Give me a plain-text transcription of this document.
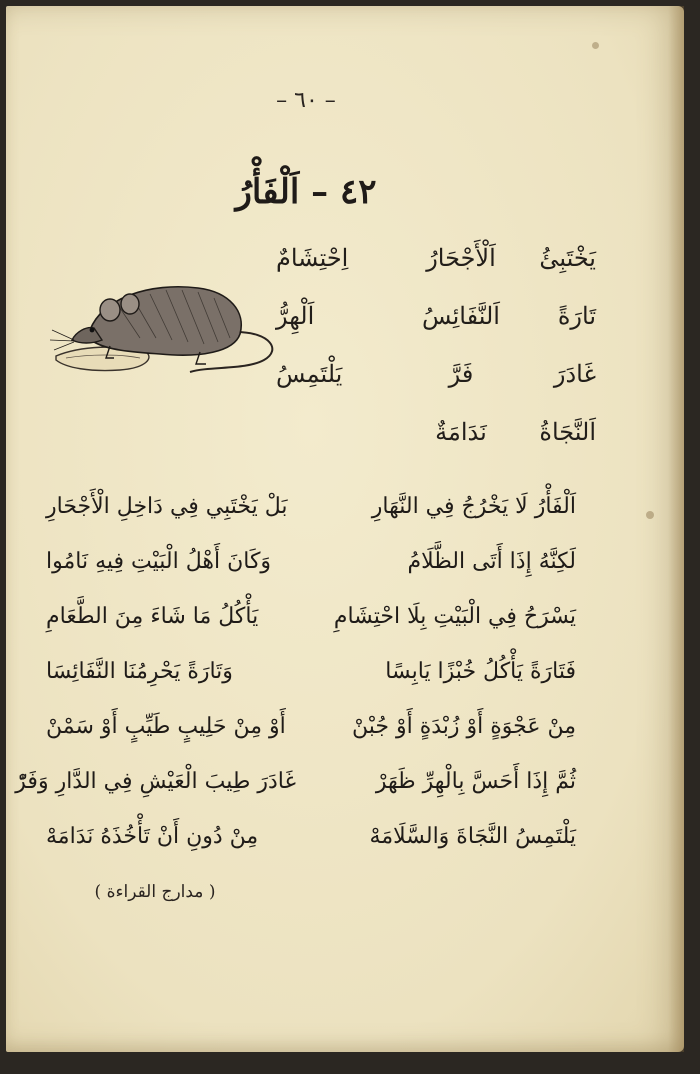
– ٦٠ –
٤٢ – اَلْفَأْرُ
يَخْتَبِئُ
اَلْأَجْحَارُ
اِحْتِشَامٌ
تَارَةً
اَلنَّفَائِسُ
اَلْهِرُّ
غَادَرَ
فَرَّ
يَلْتَمِسُ
اَلنَّجَاةُ
نَدَامَةٌ
اَلْفَأْرُ لَا يَخْرُجُ فِي النَّهَارِ
بَلْ يَخْتَبِي فِي دَاخِلِ الْأَجْحَارِ
لَكِنَّهُ إِذَا أَتَى الظَّلَامُ
وَكَانَ أَهْلُ الْبَيْتِ فِيهِ نَامُوا
يَسْرَحُ فِي الْبَيْتِ بِلَا احْتِشَامِ
يَأْكُلُ مَا شَاءَ مِنَ الطَّعَامِ
فَتَارَةً يَأْكُلُ خُبْزًا يَابِسًا
وَتَارَةً يَحْرِمُنَا النَّفَائِسَا
مِنْ عَجْوَةٍ أَوْ زُبْدَةٍ أَوْ جُبْنْ
أَوْ مِنْ حَلِيبٍ طَيِّبٍ أَوْ سَمْنْ
ثُمَّ إِذَا أَحَسَّ بِالْهِرِّ ظَهَرْ
غَادَرَ طِيبَ الْعَيْشِ فِي الدَّارِ وَفَرّْ
يَلْتَمِسُ النَّجَاةَ وَالسَّلَامَهْ
مِنْ دُونِ أَنْ تَأْخُذَهُ نَدَامَهْ
( مدارج القراءة )
